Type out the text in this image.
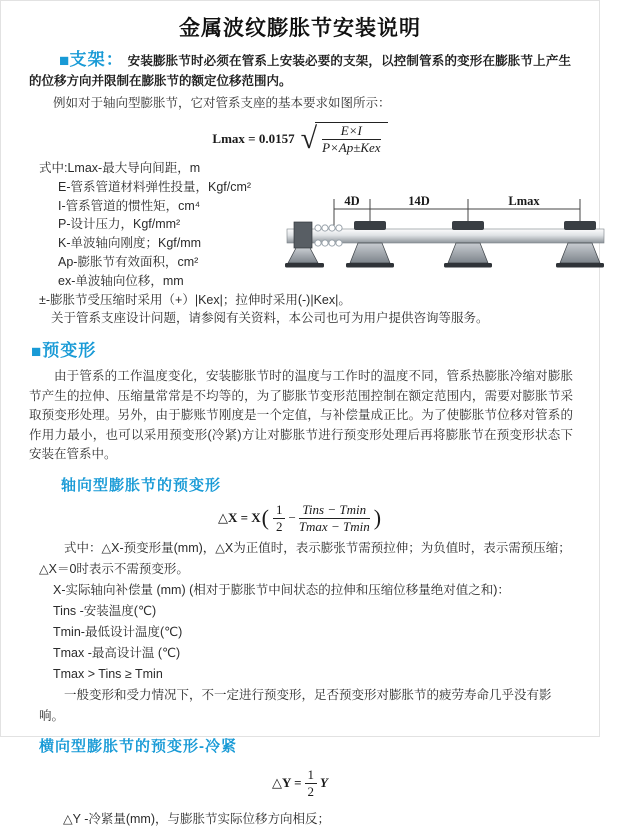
金属波纹膨胀节安装说明

■支架： 安装膨胀节时必须在管系上安装必要的支架，以控制管系的变形在膨胀节上产生的位移方向并限制在膨胀节的额定位移范围内。

例如对于轴向型膨胀节，它对管系支座的基本要求如图所示：

Lmax = 0.0157 √ $\frac{E\times I}{\text{P×Ap±Kex}}$
式中:Lmax-最大导向间距，m
E-管系管道材料弹性投量，Kgf/cm²
I-管系管道的惯性矩，cm⁴
P-设计压力，Kgf/mm²
K-单波轴向刚度；Kgf/mm
Ap-膨胀节有效面积，cm²
ex-单波轴向位移，mm
±-膨胀节受压缩时采用（+）|Kex|；拉伸时采用(-)|Kex|。
关于管系支座设计问题，请参阅有关资料，本公司也可为用户提供咨询等服务。
4D	14D	Lmax
■预变形

由于管系的工作温度变化，安装膨胀节时的温度与工作时的温度不同，管系热膨胀冷缩对膨胀节产生的拉伸、压缩量常常是不均等的，为了膨胀节变形范围控制在额定范围内，需要对膨胀节采取预变形处理。另外，由于膨账节刚度是一个定值，与补偿量成正比。为了使膨胀节位移对管系的作用力最小，也可以采用预变形(冷紧)方让对膨胀节进行预变形处理后再将膨胀节在预变形状态下安装在管系中。

轴向型膨胀节的预变形
△X = X ( $\frac{1}{2} - \frac{\text{Tins − Tmin}}{Tmax - Tmin}$ )
式中：△X-预变形量(mm)，△X为正值时，表示膨张节需预拉伸；为负值时，表示需预压缩；△X＝0时表示不需预变形。
X-实际轴向补偿量 (mm) (相对于膨胀节中间状态的拉伸和压缩位移量绝对值之和)：
Tins -安装温度(℃)
Tmin-最低设计温度(℃)
Tmax -最高设计温 (℃)
Tmax > Tins ≥ Tmin
一般变形和受力情况下，不一定进行预变形，足否预变形对膨胀节的疲劳寿命几乎没有影响。
横向型膨胀节的预变形-冷紧
△Y = $\frac{1}{2}$ Y

△Y -冷紧量(mm)，与膨胀节实际位移方向相反；
